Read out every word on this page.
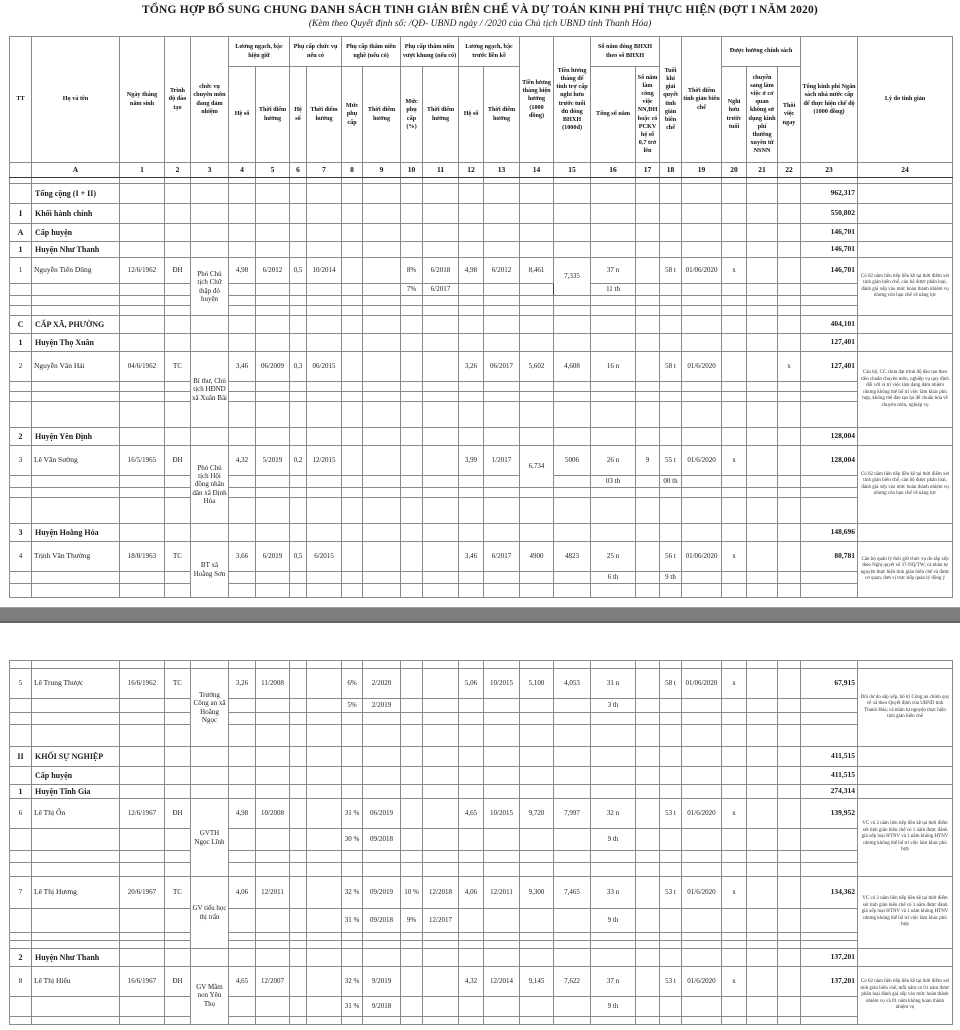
TỔNG HỢP BỔ SUNG CHUNG DANH SÁCH TINH GIẢN BIÊN CHẾ VÀ DỰ TOÁN KINH PHÍ THỰC HIỆN (ĐỢT I NĂM 2020)
(Kèm theo Quyết định số: /QĐ- UBND ngày / /2020 của Chủ tịch UBND tỉnh Thanh Hóa)
TT	Họ và tên	Ngày tháng năm sinh	Trình độ đào tạo	chức vụ chuyên môn đang đảm nhiệm	Lương ngạch, bậc hiện giữ		Phụ cấp chức vụ nếu có		Phụ cấp thâm niên nghề (nếu có)		Phụ cấp thâm niên vượt khung (nếu có)		Lương ngạch, bậc trước liền kề		Tiền lương tháng hiện hưởng (1000 đồng)	Tiền lương tháng để tính trợ cấp nghỉ hưu trước tuổi đủ đóng BHXH (1000đ)	Số năm đóng BHXH theo sổ BHXH		Tuổi khi giải quyết tinh giản biên chế	Thời điểm tinh giản biên chế	Được hưởng chính sách			Tổng kinh phí Ngân sách nhà nước cấp để thực hiện chế độ (1000 đồng)	Lý do tinh giản
					Hệ số	Thời điểm hưởng	Hệ số	Thời điểm hưởng	Mức phụ cấp	Thời điểm hưởng	Mức phụ cấp (%)	Thời điểm hưởng	Hệ số	Thời điểm hưởng			Tổng số năm	Số năm làm công việc NN,ĐH hoặc có PCKV hệ số 0,7 trở lên			Nghỉ hưu trước tuổi	chuyển sang làm việc ở cơ quan không sử dụng kinh phí thường xuyên từ NSNN	Thôi việc ngay		
	A	1	2	3	4	5	6	7	8	9	10	11	12	13	14	15	16	17	18	19	20	21	22	23	24

	Tổng cộng (I + II)																							962,317	
I	Khối hành chính																							550,802	
A	Cấp huyện																							146,701	
1	Huyện Như Thanh																							146,701	
1	Nguyễn Tiến Dũng	12/6/1962	ĐH	Phó Chủ tịch Chữ thập đỏ huyện	4,98	6/2012	0,5	10/2014			8%	6/2018	4,98	6/2012	8,461	7,335	37 n		58 t	01/06/2020	x			146,701	Có 02 năm liên tiếp liền kề tại thời điểm xét tinh giản biên chế, cán bộ được phân loại, đánh giá xếp vào mức hoàn thành nhiệm vụ nhưng còn hạn chế về năng lực
											7%	6/2017					11 th								

C	CẤP XÃ, PHƯỜNG																							404,101	
1	Huyện Thọ Xuân																							127,401	
2	Nguyễn Văn Hải	04/6/1962	TC	Bí thư, Chủ tịch HĐND xã Xuân Bái	3,46	06/2009	0,3	06/2015					3,26	06/2017	5,602	4,608	16 n		58 t	01/6/2020			x	127,401	Cán bộ, CC chưa đạt trình độ đào tạo theo tiêu chuẩn chuyên môn, nghiệp vụ quy định đối với vị trí việc làm đang đảm nhiệm nhưng không thể bố trí việc làm khác phù hợp, không thể đào tạo lại để chuẩn hóa về chuyên môn, nghiệp vụ

2	Huyện Yên Định																							128,004	
3	Lê Văn Sường	16/5/1965	ĐH	Phó Chủ tịch Hội đồng nhân dân xã Định Hòa	4,32	5/2019	0,2	12/2015					3,99	1/2017	6,734	5006	26 n	9	55 t	01/6/2020	x			128,004	Có 02 năm liên tiếp liền kề tại thời điểm xét tinh giản biên chế, cán bộ được phân loại, đánh giá xếp vào mức hoàn thành nhiệm vụ nhưng còn hạn chế về năng lực
																	03 th		00 th						

3	Huyện Hoằng Hóa																							148,696	
4	Trịnh Văn Thường	18/8/1963	TC	BT xã Hoằng Sơn	3,66	6/2019	0,5	6/2015					3,46	6/2017	4900	4823	25 n		56 t	01/06/2020	x			80,781	Cán bộ quản lý thôi giữ chức vụ do sắp xếp theo Nghị quyết số 37-NQ/TW; cá nhân tự nguyện thực hiện tinh giản biên chế và được cơ quan, đơn vị trực tiếp quản lý đồng ý
																	6 th		9 th						

5	Lê Trung Thược	16/6/1962	TC	Trưởng Công an xã Hoằng Ngọc	3,26	11/2008			6%	2/2020			5,06	10/2015	5,100	4,053	31 n		58 t	01/06/2020	x			67,915	Dôi dư do sắp xếp, bố trí Công an chính quy về xã theo Quyết định của UBND tỉnh Thanh Hóa; cá nhân tự nguyện thực hiện tinh giản biên chế
									5%	2/2019							3 th								

II	KHỐI SỰ NGHIỆP																							411,515	
	Cấp huyện																							411,515	
1	Huyện Tĩnh Gia																							274,314	
6	Lê Thị Ổn	12/6/1967	ĐH	GVTH Ngọc Lĩnh	4,98	10/2008			31 %	06/2019			4,65	10/2015	9,720	7,997	32 n		53 t	01/6/2020	x			139,952	VC có 2 năm liên tiếp liền kề tại thời điểm xét tinh giản biên chế có 1 năm được đánh giá xếp loại HTNV và 1 năm không HTNV nhưng không thể bố trí việc làm khác phù hợp
									30 %	09/2018							9 th								

7	Lê Thị Hương	20/6/1967	TC	GV tiểu học thị trấn	4,06	12/2011			32 %	09/2019	10 %	12/2018	4,06	12/2011	9,300	7,465	33 n		53 t	01/6/2020	x			134,362	VC có 2 năm liên tiếp liền kề tại thời điểm xét tinh giản biên chế có 1 năm được đánh giá xếp loại HTNV và 1 năm không HTNV nhưng không thể bố trí việc làm khác phù hợp
									31 %	09/2018	9%	12/2017					9 th								

2	Huyện Như Thanh																							137,201	
8	Lê Thị Hiểu	16/6/1967	ĐH	GV Mầm non Yên Thọ	4,65	12/2007			32 %	9/2019			4,32	12/2014	9,145	7,622	37 n		53 t	01/6/2020	x			137,201	Có 02 năm liên tiếp liền kề tại thời điểm xét tinh giản biên chế, mỗi năm có 01 năm được phân loại đánh giá xếp vào mức hoàn thành nhiệm vụ và 01 năm không hoàn thành nhiệm vụ
									31 %	9/2018							9 th								
